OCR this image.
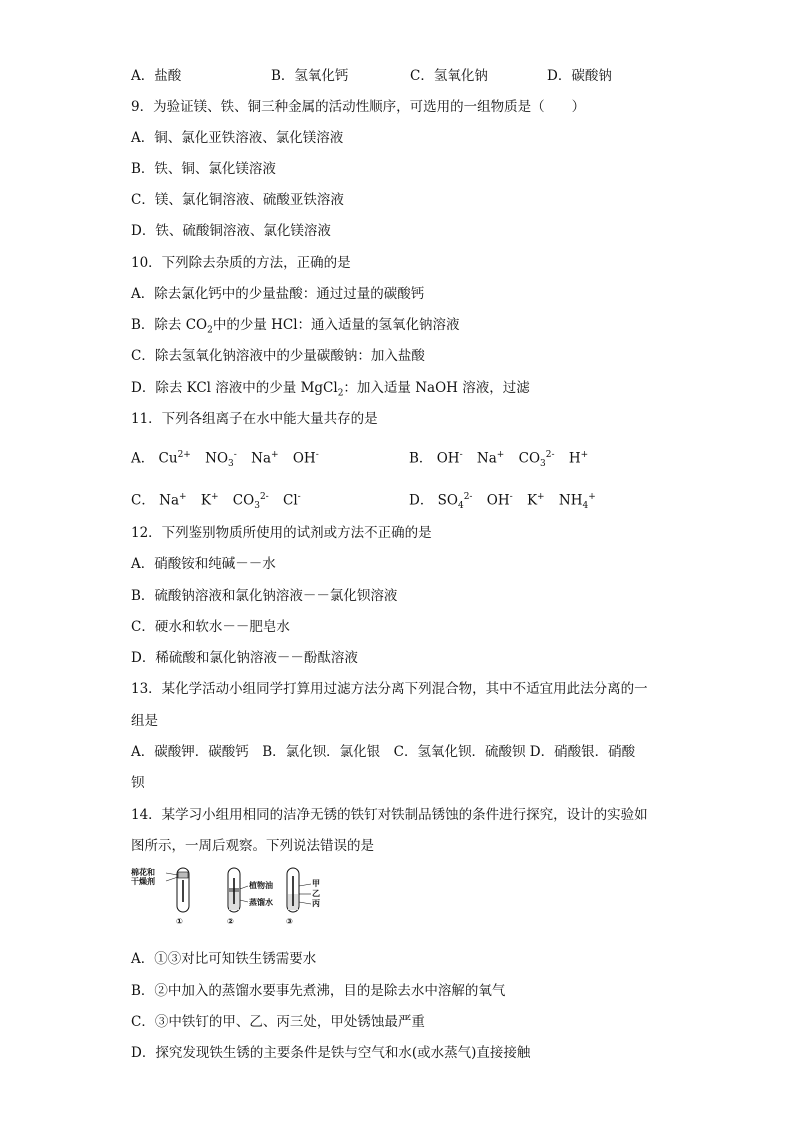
A．盐酸	B．氢氧化钙	C．氢氧化钠	D．碳酸钠
9．为验证镁、铁、铜三种金属的活动性顺序，可选用的一组物质是（　　）
A．铜、氯化亚铁溶液、氯化镁溶液
B．铁、铜、氯化镁溶液
C．镁、氯化铜溶液、硫酸亚铁溶液
D．铁、硫酸铜溶液、氯化镁溶液
10．下列除去杂质的方法，正确的是
A．除去氯化钙中的少量盐酸：通过过量的碳酸钙
B．除去 $CO_2$中的少量 HCl：通入适量的氢氧化钠溶液
C．除去氢氧化钠溶液中的少量碳酸钠：加入盐酸
D．除去 KCl 溶液中的少量 MgCl$_2$：加入适量 NaOH 溶液，过滤
11．下列各组离子在水中能大量共存的是
A． $Cu^{2+}$ $NO_3^-$ Na+ OH-	B． OH- Na+ $CO_3^{2-}$ H+
C． Na+ K+ $CO_3^{2-}$ Cl-	D． $SO_4^{2-}$ OH- K+ $NH_4^+$
12．下列鉴别物质所使用的试剂或方法不正确的是
A．硝酸铵和纯碱－－水
B．硫酸钠溶液和氯化钠溶液－－氯化钡溶液
C．硬水和软水－－肥皂水
D．稀硫酸和氯化钠溶液－－酚酞溶液
13．某化学活动小组同学打算用过滤方法分离下列混合物，其中不适宜用此法分离的一
组是
A．碳酸钾．碳酸钙　B．氯化钡．氯化银　C．氢氧化钡．硫酸钡 D．硝酸银．硝酸
钡
14．某学习小组用相同的洁净无锈的铁钉对铁制品锈蚀的条件进行探究，设计的实验如
图所示，一周后观察。下列说法错误的是
棉花和
干燥剂
①
植物油
蒸馏水
②
甲
乙
丙
③
A．①③对比可知铁生锈需要水
B．②中加入的蒸馏水要事先煮沸，目的是除去水中溶解的氧气
C．③中铁钉的甲、乙、丙三处，甲处锈蚀最严重
D．探究发现铁生锈的主要条件是铁与空气和水(或水蒸气)直接接触
